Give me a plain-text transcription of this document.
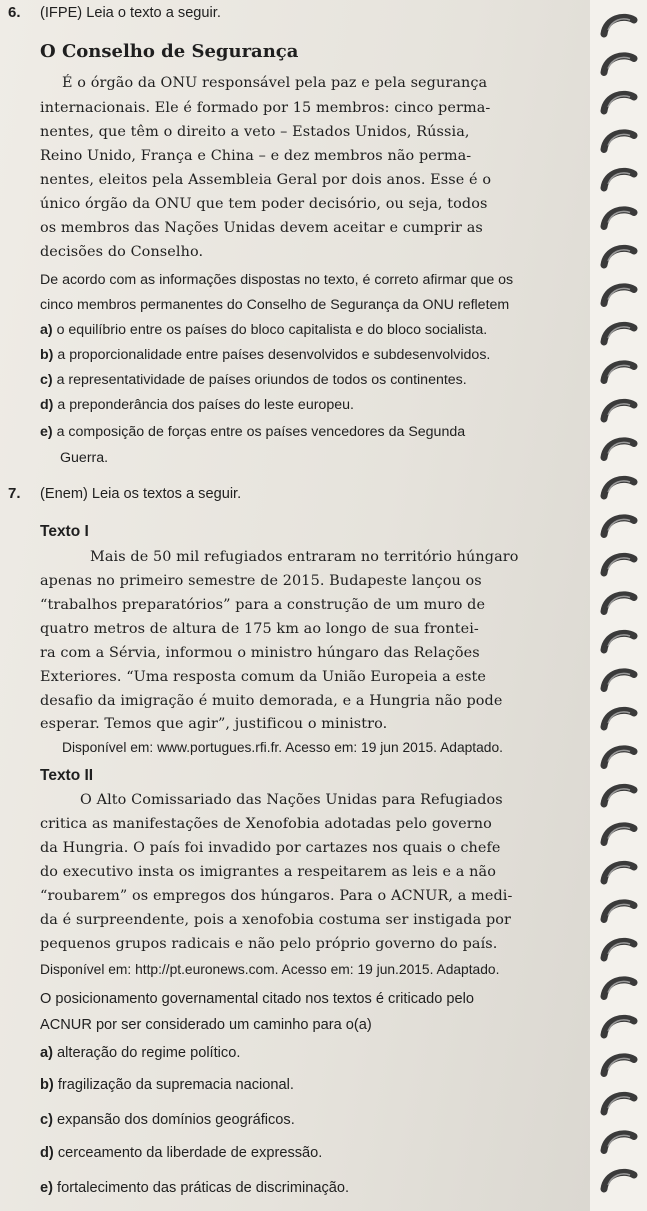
6. (IFPE) Leia o texto a seguir.
O Conselho de Segurança
É o órgão da ONU responsável pela paz e pela segurança
internacionais. Ele é formado por 15 membros: cinco perma-
nentes, que têm o direito a veto – Estados Unidos, Rússia,
Reino Unido, França e China – e dez membros não perma-
nentes, eleitos pela Assembleia Geral por dois anos. Esse é o
único órgão da ONU que tem poder decisório, ou seja, todos
os membros das Nações Unidas devem aceitar e cumprir as
decisões do Conselho.
De acordo com as informações dispostas no texto, é correto afirmar que os
cinco membros permanentes do Conselho de Segurança da ONU refletem
a) o equilíbrio entre os países do bloco capitalista e do bloco socialista.
b) a proporcionalidade entre países desenvolvidos e subdesenvolvidos.
c) a representatividade de países oriundos de todos os continentes.
d) a preponderância dos países do leste europeu.
e) a composição de forças entre os países vencedores da Segunda
Guerra.
7. (Enem) Leia os textos a seguir.
Texto I
Mais de 50 mil refugiados entraram no território húngaro
apenas no primeiro semestre de 2015. Budapeste lançou os
“trabalhos preparatórios” para a construção de um muro de
quatro metros de altura de 175 km ao longo de sua frontei-
ra com a Sérvia, informou o ministro húngaro das Relações
Exteriores. “Uma resposta comum da União Europeia a este
desafio da imigração é muito demorada, e a Hungria não pode
esperar. Temos que agir”, justificou o ministro.
Disponível em: www.portugues.rfi.fr. Acesso em: 19 jun 2015. Adaptado.
Texto II
O Alto Comissariado das Nações Unidas para Refugiados
critica as manifestações de Xenofobia adotadas pelo governo
da Hungria. O país foi invadido por cartazes nos quais o chefe
do executivo insta os imigrantes a respeitarem as leis e a não
“roubarem” os empregos dos húngaros. Para o ACNUR, a medi-
da é surpreendente, pois a xenofobia costuma ser instigada por
pequenos grupos radicais e não pelo próprio governo do país.
Disponível em: http://pt.euronews.com. Acesso em: 19 jun.2015. Adaptado.
O posicionamento governamental citado nos textos é criticado pelo
ACNUR por ser considerado um caminho para o(a)
a) alteração do regime político.
b) fragilização da supremacia nacional.
c) expansão dos domínios geográficos.
d) cerceamento da liberdade de expressão.
e) fortalecimento das práticas de discriminação.
